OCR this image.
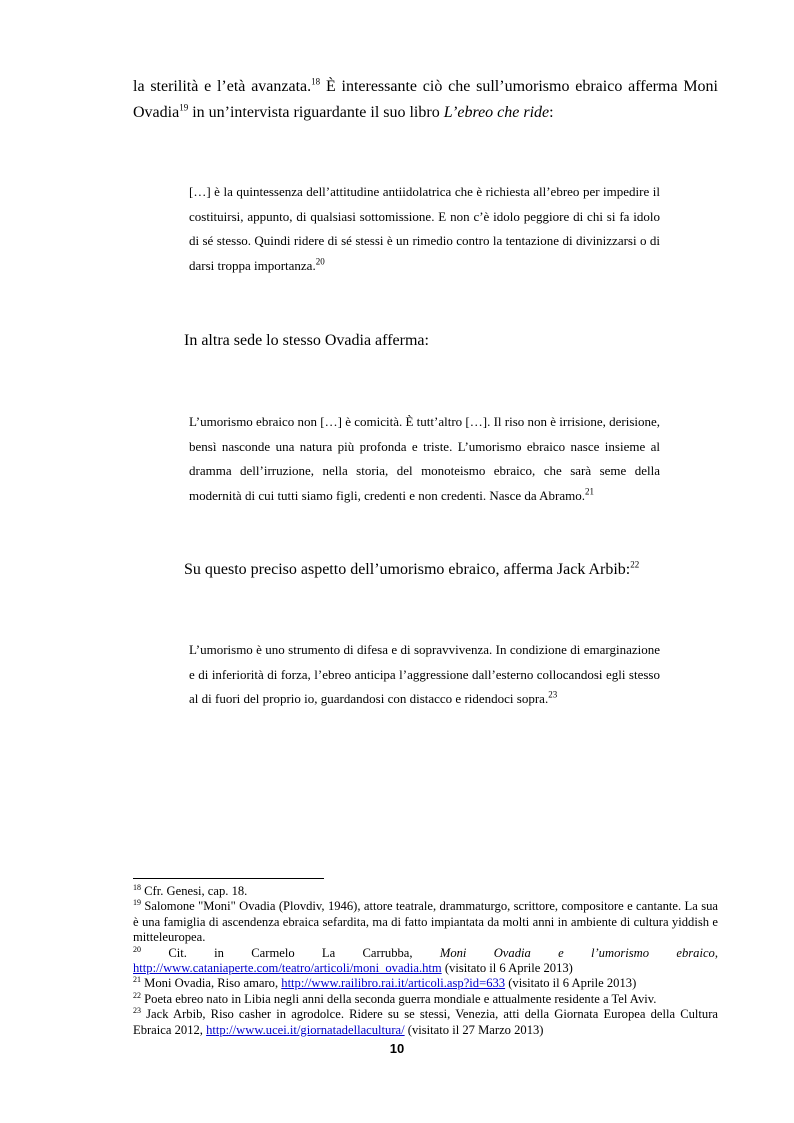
la sterilità e l’età avanzata.$^{18}$ È interessante ciò che sull’umorismo ebraico afferma Moni Ovadia$^{19}$ in un’intervista riguardante il suo libro L’ebreo che ride:
[…] è la quintessenza dell’attitudine antiidolatrica che è richiesta all’ebreo per impedire il costituirsi, appunto, di qualsiasi sottomissione. E non c’è idolo peggiore di chi si fa idolo di sé stesso. Quindi ridere di sé stessi è un rimedio contro la tentazione di divinizzarsi o di darsi troppa importanza.$^{20}$
In altra sede lo stesso Ovadia afferma:
L’umorismo ebraico non […] è comicità. È tutt’altro […]. Il riso non è irrisione, derisione, bensì nasconde una natura più profonda e triste. L’umorismo ebraico nasce insieme al dramma dell’irruzione, nella storia, del monoteismo ebraico, che sarà seme della modernità di cui tutti siamo figli, credenti e non credenti. Nasce da Abramo.$^{21}$
Su questo preciso aspetto dell’umorismo ebraico, afferma Jack Arbib:$^{22}$
L’umorismo è uno strumento di difesa e di sopravvivenza. In condizione di emarginazione e di inferiorità di forza, l’ebreo anticipa l’aggressione dall’esterno collocandosi egli stesso al di fuori del proprio io, guardandosi con distacco e ridendoci sopra.$^{23}$

$^{18}$ Cfr. Genesi, cap. 18.

$^{19}$ Salomone "Moni" Ovadia (Plovdiv, 1946), attore teatrale, drammaturgo, scrittore, compositore e cantante. La sua è una famiglia di ascendenza ebraica sefardita, ma di fatto impiantata da molti anni in ambiente di cultura yiddish e mitteleuropea.

$^{20}$ Cit. in Carmelo La Carrubba, Moni Ovadia e l’umorismo ebraico,

http://www.cataniaperte.com/teatro/articoli/moni_ovadia.htm (visitato il 6 Aprile 2013)

$^{21}$ Moni Ovadia, Riso amaro, http://www.railibro.rai.it/articoli.asp?id=633 (visitato il 6 Aprile 2013)

$^{22}$ Poeta ebreo nato in Libia negli anni della seconda guerra mondiale e attualmente residente a Tel Aviv.

$^{23}$ Jack Arbib, Riso casher in agrodolce. Ridere su se stessi, Venezia, atti della Giornata Europea della Cultura Ebraica 2012, http://www.ucei.it/giornatadellacultura/ (visitato il 27 Marzo 2013)

10
